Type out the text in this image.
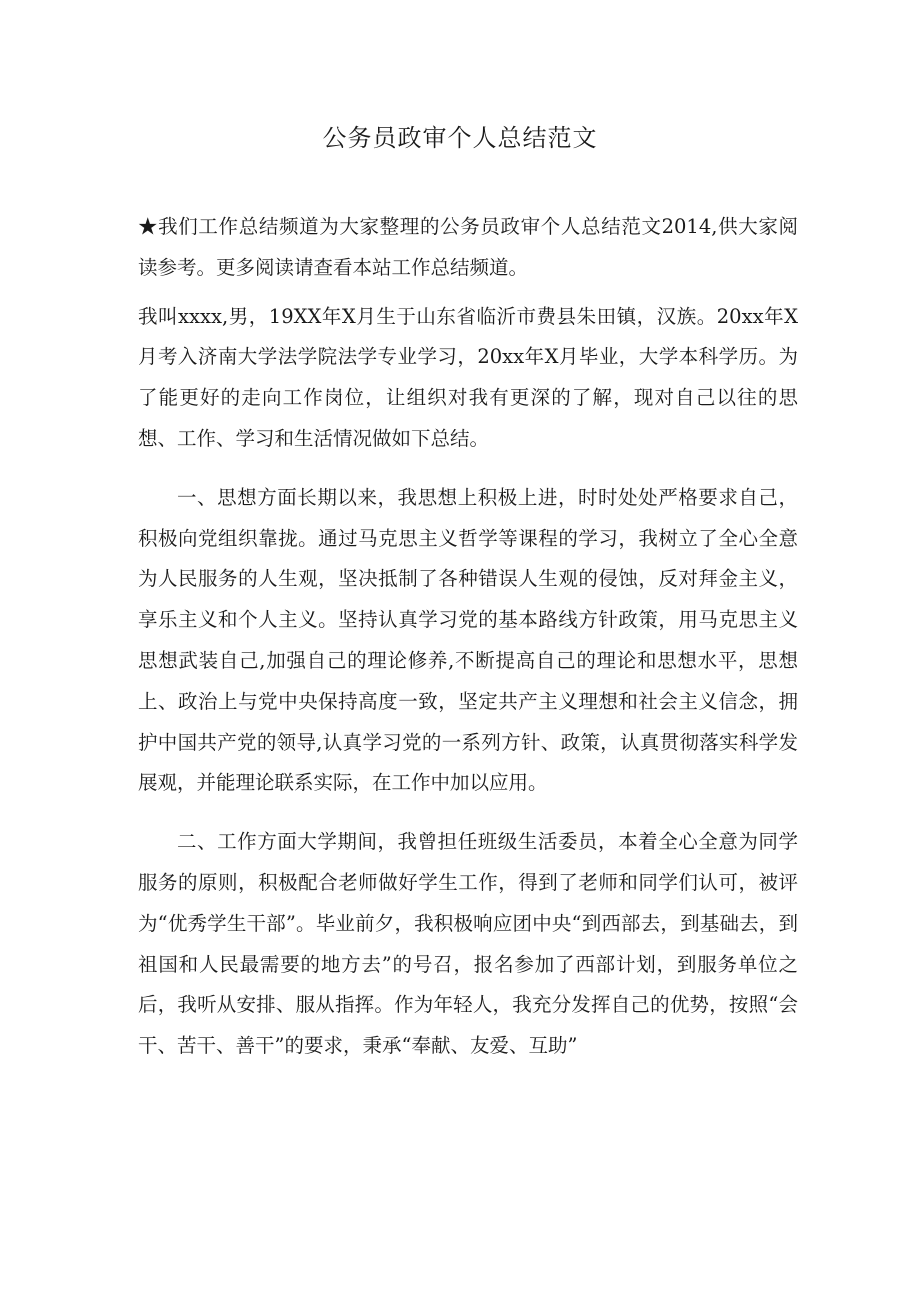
公务员政审个人总结范文

★我们工作总结频道为大家整理的公务员政审个人总结范文2014,供大家阅读参考。更多阅读请查看本站工作总结频道。

我叫xxxx,男，19XX年X月生于山东省临沂市费县朱田镇，汉族。20xx年X月考入济南大学法学院法学专业学习，20xx年X月毕业，大学本科学历。为了能更好的走向工作岗位，让组织对我有更深的了解，现对自己以往的思想、工作、学习和生活情况做如下总结。

一、思想方面长期以来，我思想上积极上进，时时处处严格要求自己，积极向党组织靠拢。通过马克思主义哲学等课程的学习，我树立了全心全意为人民服务的人生观，坚决抵制了各种错误人生观的侵蚀，反对拜金主义，享乐主义和个人主义。坚持认真学习党的基本路线方针政策，用马克思主义思想武装自己,加强自己的理论修养,不断提高自己的理论和思想水平，思想上、政治上与党中央保持高度一致，坚定共产主义理想和社会主义信念，拥护中国共产党的领导,认真学习党的一系列方针、政策，认真贯彻落实科学发展观，并能理论联系实际，在工作中加以应用。

二、工作方面大学期间，我曾担任班级生活委员，本着全心全意为同学服务的原则，积极配合老师做好学生工作，得到了老师和同学们认可，被评为“优秀学生干部”。毕业前夕，我积极响应团中央“到西部去，到基础去，到祖国和人民最需要的地方去”的号召，报名参加了西部计划，到服务单位之后，我听从安排、服从指挥。作为年轻人，我充分发挥自己的优势，按照“会干、苦干、善干”的要求，秉承“奉献、友爱、互助”
